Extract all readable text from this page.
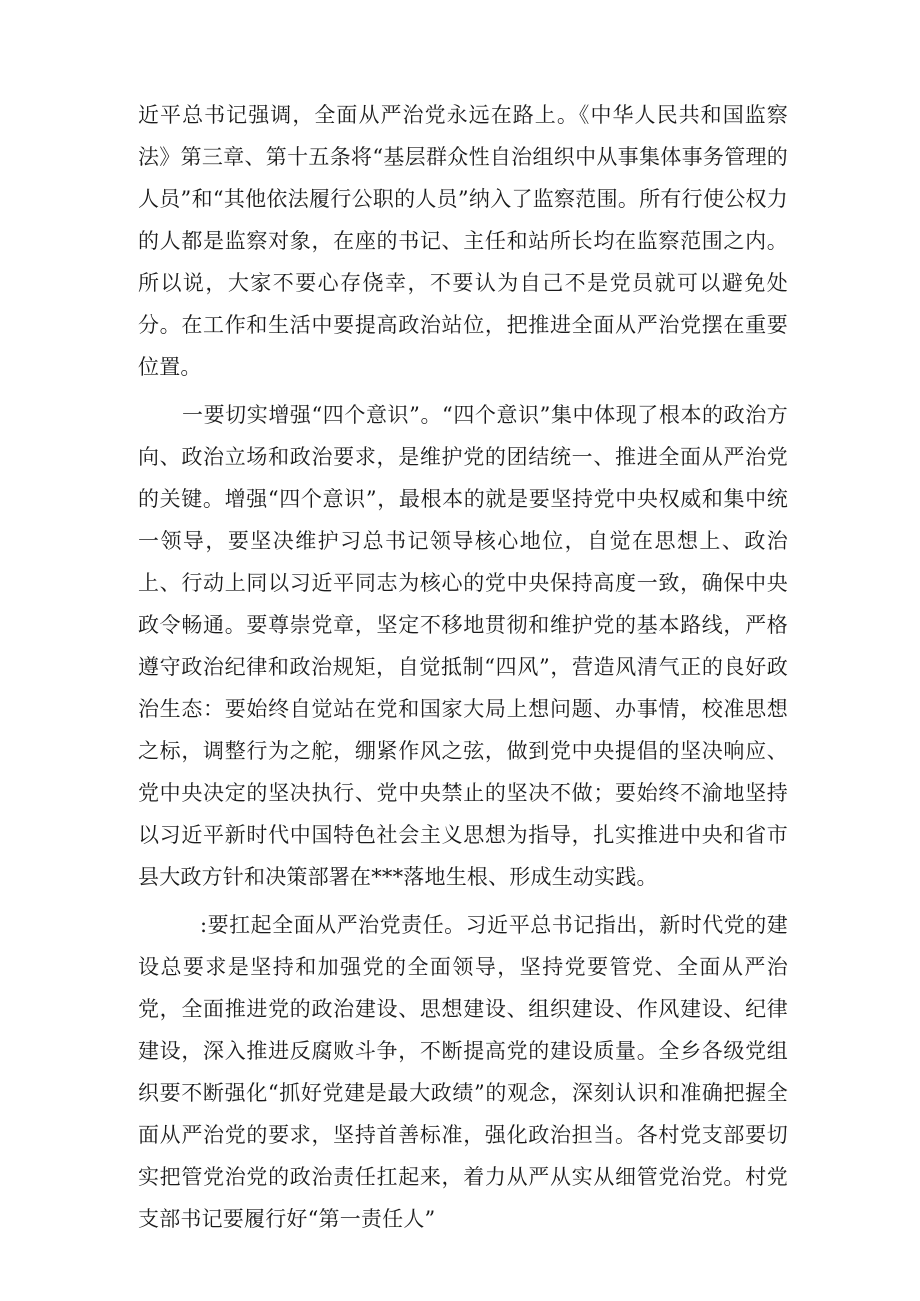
近平总书记强调，全面从严治党永远在路上。《中华人民共和国监察法》第三章、第十五条将“基层群众性自治组织中从事集体事务管理的人员”和“其他依法履行公职的人员”纳入了监察范围。所有行使公权力的人都是监察对象，在座的书记、主任和站所长均在监察范围之内。所以说，大家不要心存侥幸，不要认为自己不是党员就可以避免处分。在工作和生活中要提高政治站位，把推进全面从严治党摆在重要位置。

一要切实增强“四个意识”。“四个意识”集中体现了根本的政治方向、政治立场和政治要求，是维护党的团结统一、推进全面从严治党的关键。增强“四个意识”，最根本的就是要坚持党中央权威和集中统一领导，要坚决维护习总书记领导核心地位，自觉在思想上、政治上、行动上同以习近平同志为核心的党中央保持高度一致，确保中央政令畅通。要尊崇党章，坚定不移地贯彻和维护党的基本路线，严格遵守政治纪律和政治规矩，自觉抵制“四风”，营造风清气正的良好政治生态：要始终自觉站在党和国家大局上想问题、办事情，校准思想之标，调整行为之舵，绷紧作风之弦，做到党中央提倡的坚决响应、党中央决定的坚决执行、党中央禁止的坚决不做；要始终不渝地坚持以习近平新时代中国特色社会主义思想为指导，扎实推进中央和省市县大政方针和决策部署在***落地生根、形成生动实践。

:要扛起全面从严治党责任。习近平总书记指出，新时代党的建设总要求是坚持和加强党的全面领导，坚持党要管党、全面从严治党，全面推进党的政治建设、思想建设、组织建设、作风建设、纪律建设，深入推进反腐败斗争，不断提高党的建设质量。全乡各级党组织要不断强化“抓好党建是最大政绩”的观念，深刻认识和准确把握全面从严治党的要求，坚持首善标准，强化政治担当。各村党支部要切实把管党治党的政治责任扛起来，着力从严从实从细管党治党。村党支部书记要履行好“第一责任人”
